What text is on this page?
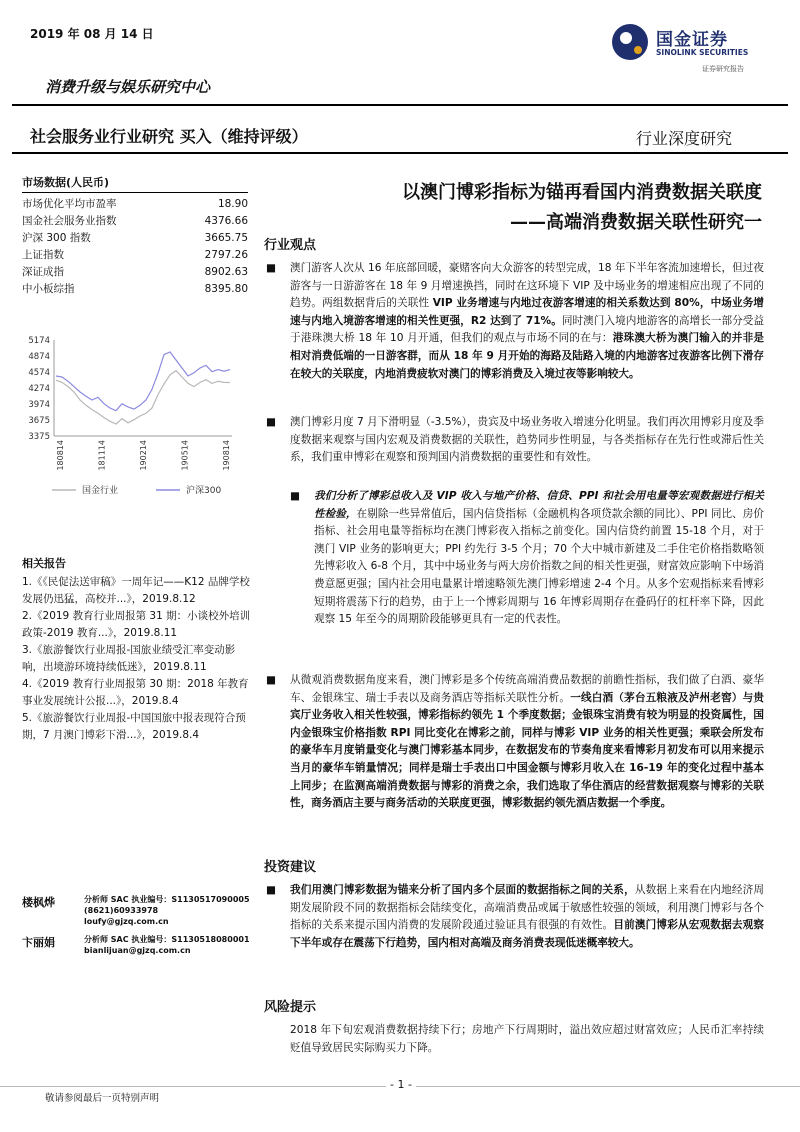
2019 年 08 月 14 日	国金证券
SINOLINK SECURITIES
证券研究报告
消费升级与娱乐研究中心
社会服务业行业研究 买入（维持评级）	行业深度研究
市场数据(人民币)
市场优化平均市盈率	18.90
国金社会服务业指数	4376.66
沪深 300 指数	3665.75
上证指数	2797.26
深证成指	8902.63
中小板综指	8395.80
5174
4874
4574
4274
3974
3675
3375
180814	181114	190214	190514	190814
国金行业	沪深300
相关报告
1.《《民促法送审稿》一周年记——K12 品牌学校发展仍迅猛，高校并...》，2019.8.12
2.《2019 教育行业周报第 31 期：小谈校外培训政策-2019 教育...》，2019.8.11
3.《旅游餐饮行业周报-国旅业绩受汇率变动影响，出境游环境持续低迷》，2019.8.11
4.《2019 教育行业周报第 30 期：2018 年教育事业发展统计公报...》，2019.8.4
5.《旅游餐饮行业周报-中国国旅中报表现符合预期，7 月澳门博彩下滑...》，2019.8.4
楼枫烨	分析师 SAC 执业编号：S1130517090005
(8621)60933978
loufy@gjzq.com.cn
卞丽娟	分析师 SAC 执业编号：S1130518080001
bianlijuan@gjzq.com.cn
以澳门博彩指标为锚再看国内消费数据关联度
——高端消费数据关联性研究一
行业观点
■ 澳门游客人次从 16 年底部回暖，豪赌客向大众游客的转型完成，18 年下半年客流加速增长，但过夜游客与一日游游客在 18 年 9 月增速换挡，同时在这环境下 VIP 及中场业务的增速相应出现了不同的趋势。两组数据背后的关联性 VIP 业务增速与内地过夜游客增速的相关系数达到 80%，中场业务增速与内地入境游客增速的相关性更强，R2 达到了 71%。同时澳门入境内地游客的高增长一部分受益于港珠澳大桥 18 年 10 月开通，但我们的观点与市场不同的在与：港珠澳大桥为澳门输入的并非是相对消费低端的一日游客群，而从 18 年 9 月开始的海路及陆路入境的内地游客过夜游客比例下滑存在较大的关联度，内地消费疲软对澳门的博彩消费及入境过夜等影响较大。
■ 澳门博彩月度 7 月下滑明显（-3.5%），贵宾及中场业务收入增速分化明显。我们再次用博彩月度及季度数据来观察与国内宏观及消费数据的关联性，趋势同步性明显，与各类指标存在先行性或滞后性关系，我们重申博彩在观察和预判国内消费数据的重要性和有效性。
■ 我们分析了博彩总收入及 VIP 收入与地产价格、信贷、PPI 和社会用电量等宏观数据进行相关性检验，在剔除一些异常值后，国内信贷指标（金融机构各项贷款余额的同比）、PPI 同比、房价指标、社会用电量等指标均在澳门博彩夜入指标之前变化。国内信贷约前置 15-18 个月，对于澳门 VIP 业务的影响更大；PPI 约先行 3-5 个月；70 个大中城市新建及二手住宅价格指数略领先博彩收入 6-8 个月，其中中场业务与两大房价指数之间的相关性更强，财富效应影响下中场消费意愿更强；国内社会用电量累计增速略领先澳门博彩增速 2-4 个月。从多个宏观指标来看博彩短期将震荡下行的趋势，由于上一个博彩周期与 16 年博彩周期存在叠码仔的杠杆率下降，因此观察 15 年至今的周期阶段能够更具有一定的代表性。
■ 从微观消费数据角度来看，澳门博彩是多个传统高端消费品数据的前瞻性指标，我们做了白酒、豪华车、金银珠宝、瑞士手表以及商务酒店等指标关联性分析。一线白酒（茅台五粮液及泸州老窖）与贵宾厅业务收入相关性较强，博彩指标约领先 1 个季度数据；金银珠宝消费有较为明显的投资属性，国内金银珠宝价格指数 RPI 同比变化在博彩之前，同样与博彩 VIP 业务的相关性更强；乘联会所发布的豪华车月度销量变化与澳门博彩基本同步，在数据发布的节奏角度来看博彩月初发布可以用来提示当月的豪华车销量情况；同样是瑞士手表出口中国金额与博彩月收入在 16-19 年的变化过程中基本上同步；在监测高端消费数据与博彩的消费之余，我们选取了华住酒店的经营数据观察与博彩的关联性，商务酒店主要与商务活动的关联度更强，博彩数据约领先酒店数据一个季度。
投资建议
■ 我们用澳门博彩数据为锚来分析了国内多个层面的数据指标之间的关系，从数据上来看在内地经济周期发展阶段不同的数据指标会陆续变化，高端消费品或属于敏感性较强的领域，利用澳门博彩与各个指标的关系来提示国内消费的发展阶段通过验证具有很强的有效性。目前澳门博彩从宏观数据去观察下半年或存在震荡下行趋势，国内相对高端及商务消费表现低迷概率较大。
风险提示
2018 年下旬宏观消费数据持续下行；房地产下行周期时，溢出效应超过财富效应；人民币汇率持续贬值导致居民实际购买力下降。
- 1 -
敬请参阅最后一页特别声明
